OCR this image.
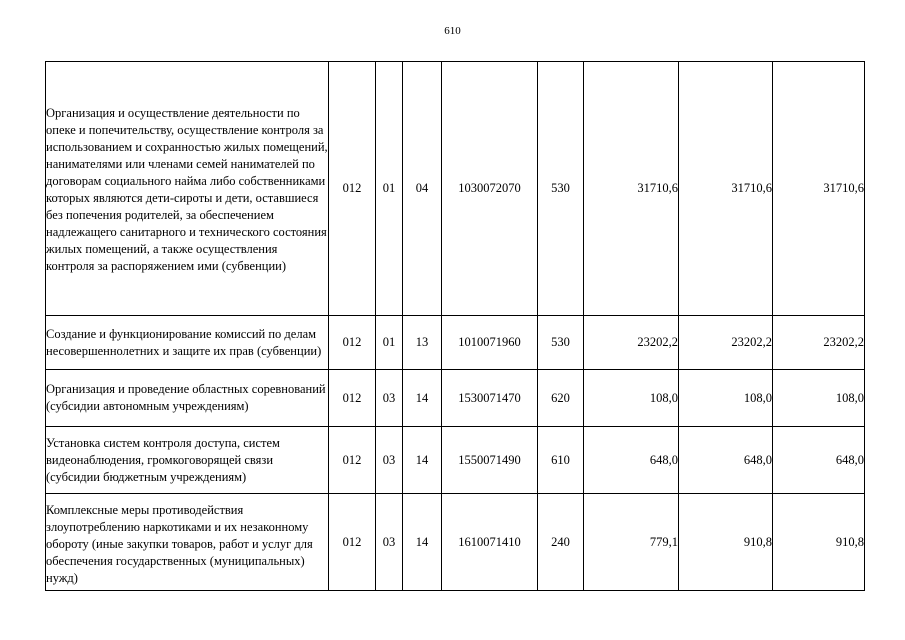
610
Организация и осуществление деятельности по опеке и попечительству, осуществление контроля за использованием и сохранностью жилых помещений, нанимателями или членами семей нанимателей по договорам социального найма либо собственниками которых являются дети-сироты и дети, оставшиеся без попечения родителей, за обеспечением надлежащего санитарного и технического состояния жилых помещений, а также осуществления контроля за распоряжением ими (субвенции)	012	01	04	1030072070	530	31710,6	31710,6	31710,6
Создание и функционирование комиссий по делам несовершеннолетних и защите их прав (субвенции)	012	01	13	1010071960	530	23202,2	23202,2	23202,2
Организация и проведение областных соревнований (субсидии автономным учреждениям)	012	03	14	1530071470	620	108,0	108,0	108,0
Установка систем контроля доступа, систем видеонаблюдения, громкоговорящей связи (субсидии бюджетным учреждениям)	012	03	14	1550071490	610	648,0	648,0	648,0
Комплексные меры противодействия злоупотреблению наркотиками и их незаконному обороту (иные закупки товаров, работ и услуг для обеспечения государственных (муниципальных) нужд)	012	03	14	1610071410	240	779,1	910,8	910,8
